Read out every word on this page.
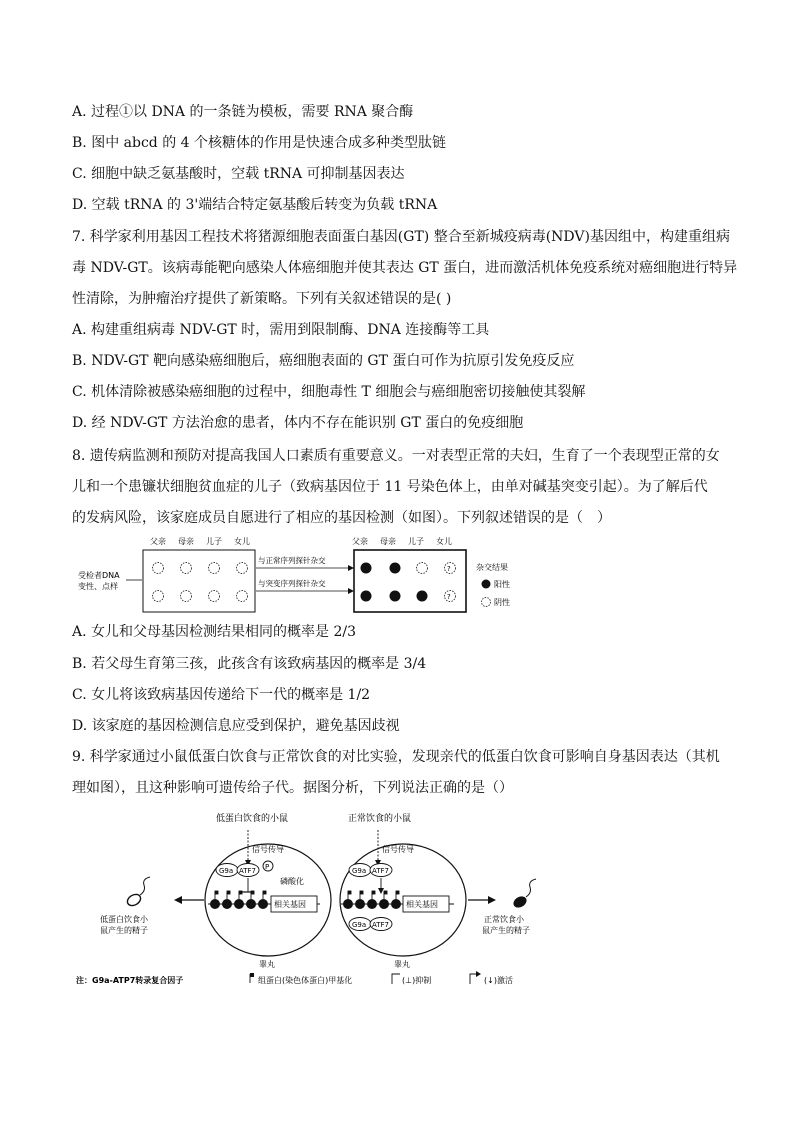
A. 过程①以 DNA 的一条链为模板，需要 RNA 聚合酶
B. 图中 abcd 的 4 个核糖体的作用是快速合成多种类型肽链
C. 细胞中缺乏氨基酸时，空载 tRNA 可抑制基因表达
D. 空载 tRNA 的 3'端结合特定氨基酸后转变为负载 tRNA
7. 科学家利用基因工程技术将猪源细胞表面蛋白基因(GT) 整合至新城疫病毒(NDV)基因组中，构建重组病
毒 NDV-GT。该病毒能靶向感染人体癌细胞并使其表达 GT 蛋白，进而激活机体免疫系统对癌细胞进行特异
性清除，为肿瘤治疗提供了新策略。下列有关叙述错误的是( )
A. 构建重组病毒 NDV-GT 时，需用到限制酶、DNA 连接酶等工具
B. NDV-GT 靶向感染癌细胞后，癌细胞表面的 GT 蛋白可作为抗原引发免疫反应
C. 机体清除被感染癌细胞的过程中，细胞毒性 T 细胞会与癌细胞密切接触使其裂解
D. 经 NDV-GT 方法治愈的患者，体内不存在能识别 GT 蛋白的免疫细胞
8. 遗传病监测和预防对提高我国人口素质有重要意义。一对表型正常的夫妇，生育了一个表现型正常的女
儿和一个患镰状细胞贫血症的儿子（致病基因位于 11 号染色体上，由单对碱基突变引起）。为了解后代
的发病风险，该家庭成员自愿进行了相应的基因检测（如图）。下列叙述错误的是（　）
受检者DNA
变性、点样
父亲 母亲 儿子 女儿
与正常序列探针杂交
与突变序列探针杂交
父亲 母亲 儿子 女儿
?
?
杂交结果
阳性
阴性
A. 女儿和父母基因检测结果相同的概率是 2/3
B. 若父母生育第三孩，此孩含有该致病基因的概率是 3/4
C. 女儿将该致病基因传递给下一代的概率是 1/2
D. 该家庭的基因检测信息应受到保护，避免基因歧视
9. 科学家通过小鼠低蛋白饮食与正常饮食的对比实验，发现亲代的低蛋白饮食可影响自身基因表达（其机
理如图），且这种影响可遗传给子代。据图分析，下列说法正确的是（）
低蛋白饮食的小鼠	正常饮食的小鼠
信号传导
G9a ATF7 P
磷酸化
相关基因
睾丸
信号传导
G9a ATF7
相关基因
G9a ATF7
睾丸
低蛋白饮食小
鼠产生的精子
正常饮食小
鼠产生的精子
注：G9a-ATP7转录复合因子	组蛋白(染色体蛋白)甲基化	(⊥)抑制	(↓)激活
